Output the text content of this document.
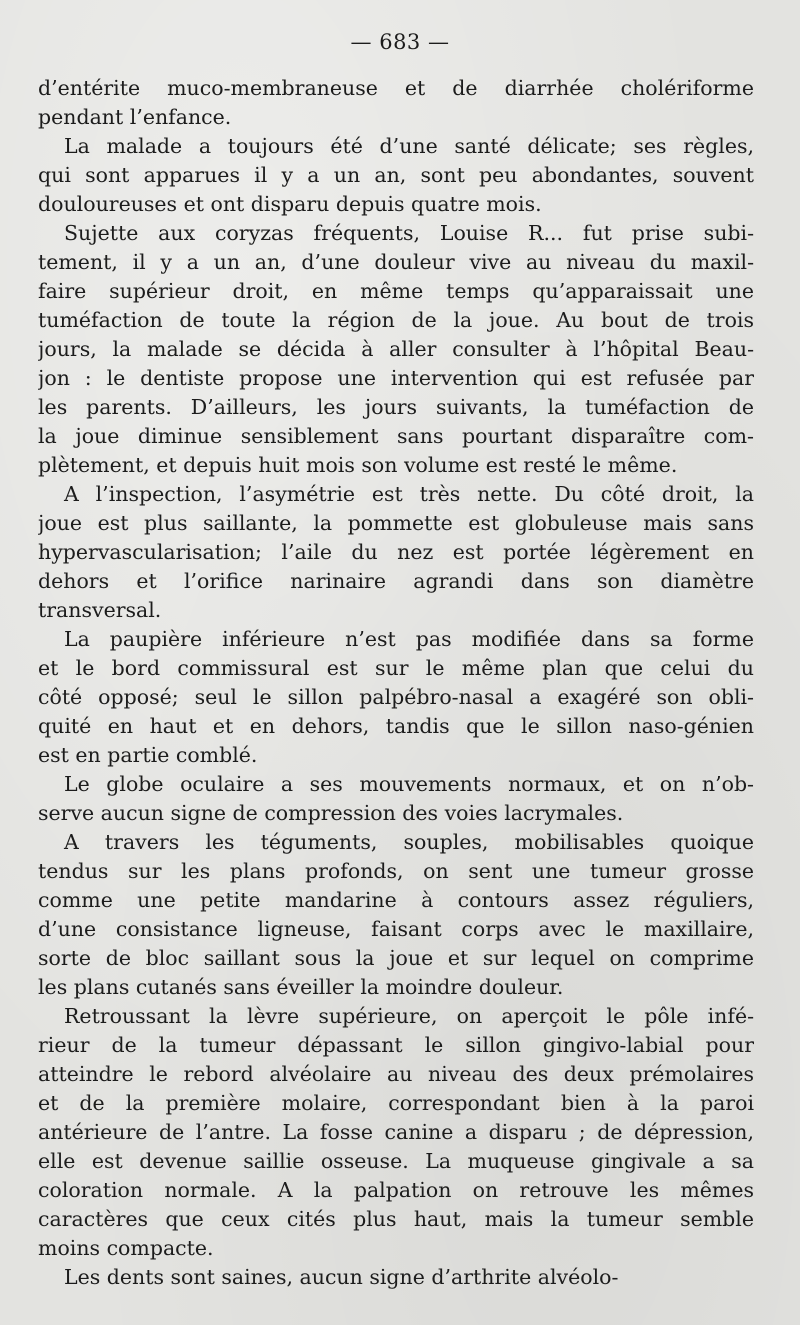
— 683 —
d’entérite muco-membraneuse et de diarrhée cholériforme
pendant l’enfance.
La malade a toujours été d’une santé délicate; ses règles,
qui sont apparues il y a un an, sont peu abondantes, souvent
douloureuses et ont disparu depuis quatre mois.
Sujette aux coryzas fréquents, Louise R... fut prise subi-
tement, il y a un an, d’une douleur vive au niveau du maxil-
faire supérieur droit, en même temps qu’apparaissait une
tuméfaction de toute la région de la joue. Au bout de trois
jours, la malade se décida à aller consulter à l’hôpital Beau-
jon : le dentiste propose une intervention qui est refusée par
les parents. D’ailleurs, les jours suivants, la tuméfaction de
la joue diminue sensiblement sans pourtant disparaître com-
plètement, et depuis huit mois son volume est resté le même.
A l’inspection, l’asymétrie est très nette. Du côté droit, la
joue est plus saillante, la pommette est globuleuse mais sans
hypervascularisation; l’aile du nez est portée légèrement en
dehors et l’orifice narinaire agrandi dans son diamètre
transversal.
La paupière inférieure n’est pas modifiée dans sa forme
et le bord commissural est sur le même plan que celui du
côté opposé; seul le sillon palpébro-nasal a exagéré son obli-
quité en haut et en dehors, tandis que le sillon naso-génien
est en partie comblé.
Le globe oculaire a ses mouvements normaux, et on n’ob-
serve aucun signe de compression des voies lacrymales.
A travers les téguments, souples, mobilisables quoique
tendus sur les plans profonds, on sent une tumeur grosse
comme une petite mandarine à contours assez réguliers,
d’une consistance ligneuse, faisant corps avec le maxillaire,
sorte de bloc saillant sous la joue et sur lequel on comprime
les plans cutanés sans éveiller la moindre douleur.
Retroussant la lèvre supérieure, on aperçoit le pôle infé-
rieur de la tumeur dépassant le sillon gingivo-labial pour
atteindre le rebord alvéolaire au niveau des deux prémolaires
et de la première molaire, correspondant bien à la paroi
antérieure de l’antre. La fosse canine a disparu ; de dépression,
elle est devenue saillie osseuse. La muqueuse gingivale a sa
coloration normale. A la palpation on retrouve les mêmes
caractères que ceux cités plus haut, mais la tumeur semble
moins compacte.
Les dents sont saines, aucun signe d’arthrite alvéolo-
